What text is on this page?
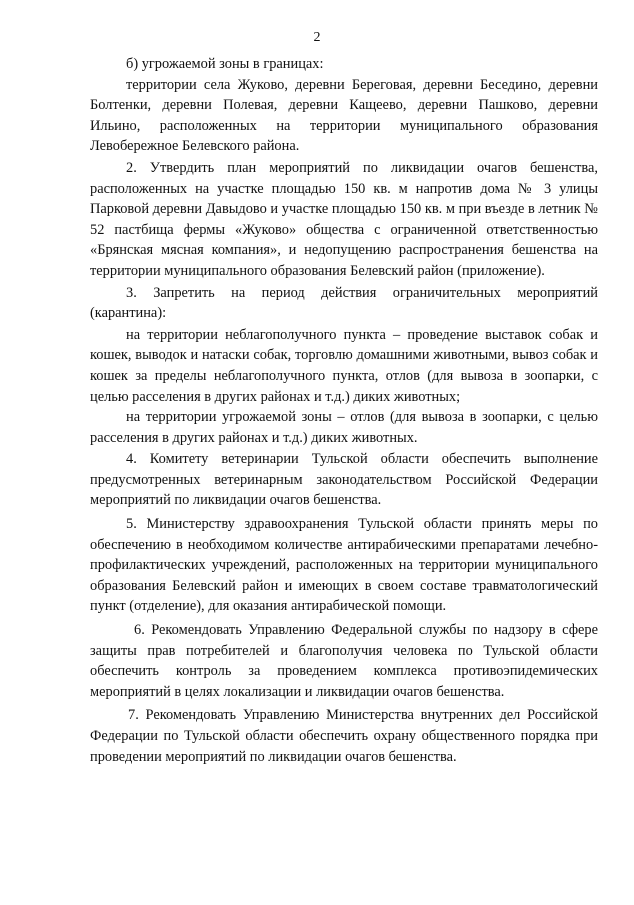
2

б) угрожаемой зоны в границах:

территории села Жуково, деревни Береговая, деревни Беседино, деревни Болтенки, деревни Полевая, деревни Кащеево, деревни Пашково, деревни Ильино, расположенных на территории муниципального образования Левобережное Белевского района.

2. Утвердить план мероприятий по ликвидации очагов бешенства, расположенных на участке площадью 150 кв. м напротив дома № 3 улицы Парковой деревни Давыдово и участке площадью 150 кв. м при въезде в летник № 52 пастбища фермы «Жуково» общества с ограниченной ответственностью «Брянская мясная компания», и недопущению распространения бешенства на территории муниципального образования Белевский район (приложение).

3. Запретить на период действия ограничительных мероприятий (карантина):

на территории неблагополучного пункта – проведение выставок собак и кошек, выводок и натаски собак, торговлю домашними животными, вывоз собак и кошек за пределы неблагополучного пункта, отлов (для вывоза в зоопарки, с целью расселения в других районах и т.д.) диких животных;

на территории угрожаемой зоны – отлов (для вывоза в зоопарки, с целью расселения в других районах и т.д.) диких животных.

4. Комитету ветеринарии Тульской области обеспечить выполнение предусмотренных ветеринарным законодательством Российской Федерации мероприятий по ликвидации очагов бешенства.

5. Министерству здравоохранения Тульской области принять меры по обеспечению в необходимом количестве антирабическими препаратами лечебно-профилактических учреждений, расположенных на территории муниципального образования Белевский район и имеющих в своем составе травматологический пункт (отделение), для оказания антирабической помощи.

6. Рекомендовать Управлению Федеральной службы по надзору в сфере защиты прав потребителей и благополучия человека по Тульской области обеспечить контроль за проведением комплекса противоэпидемических мероприятий в целях локализации и ликвидации очагов бешенства.

7. Рекомендовать Управлению Министерства внутренних дел Российской Федерации по Тульской области обеспечить охрану общественного порядка при проведении мероприятий по ликвидации очагов бешенства.
